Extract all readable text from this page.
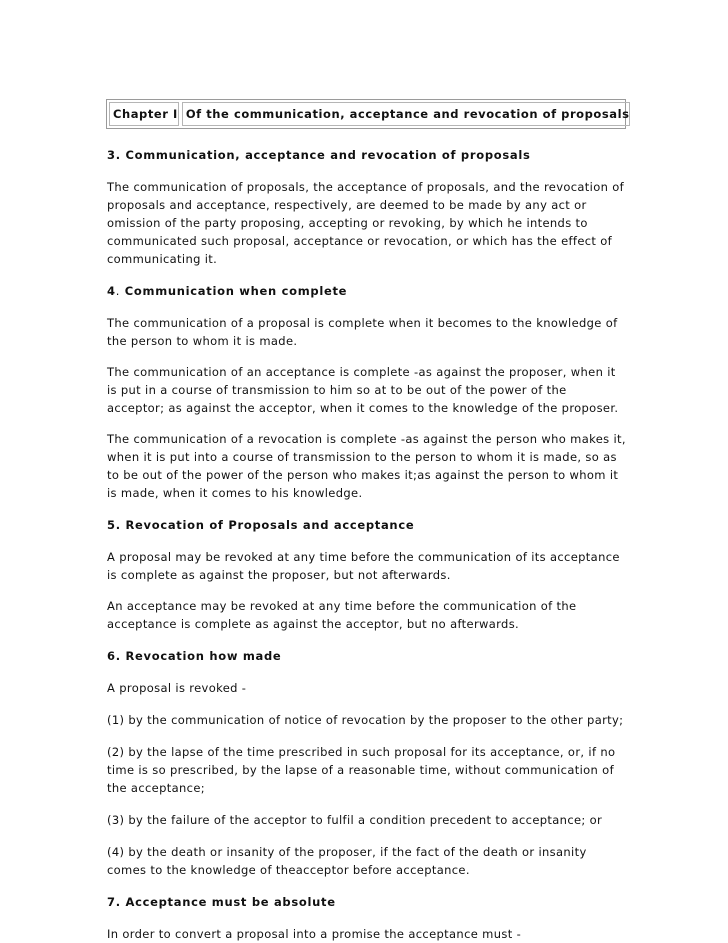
Chapter I Of the communication, acceptance and revocation of proposals
3. Communication, acceptance and revocation of proposals

The communication of proposals, the acceptance of proposals, and the revocation of proposals and acceptance, respectively, are deemed to be made by any act or omission of the party proposing, accepting or revoking, by which he intends to communicated such proposal, acceptance or revocation, or which has the effect of communicating it.

4. Communication when complete

The communication of a proposal is complete when it becomes to the knowledge of the person to whom it is made.

The communication of an acceptance is complete -as against the proposer, when it is put in a course of transmission to him so at to be out of the power of the acceptor; as against the acceptor, when it comes to the knowledge of the proposer.

The communication of a revocation is complete -as against the person who makes it, when it is put into a course of transmission to the person to whom it is made, so as to be out of the power of the person who makes it;as against the person to whom it is made, when it comes to his knowledge.

5. Revocation of Proposals and acceptance

A proposal may be revoked at any time before the communication of its acceptance is complete as against the proposer, but not afterwards.

An acceptance may be revoked at any time before the communication of the acceptance is complete as against the acceptor, but no afterwards.

6. Revocation how made

A proposal is revoked -

(1) by the communication of notice of revocation by the proposer to the other party;

(2) by the lapse of the time prescribed in such proposal for its acceptance, or, if no time is so prescribed, by the lapse of a reasonable time, without communication of the acceptance;

(3) by the failure of the acceptor to fulfil a condition precedent to acceptance; or

(4) by the death or insanity of the proposer, if the fact of the death or insanity comes to the knowledge of theacceptor before acceptance.

7. Acceptance must be absolute

In order to convert a proposal into a promise the acceptance must -
